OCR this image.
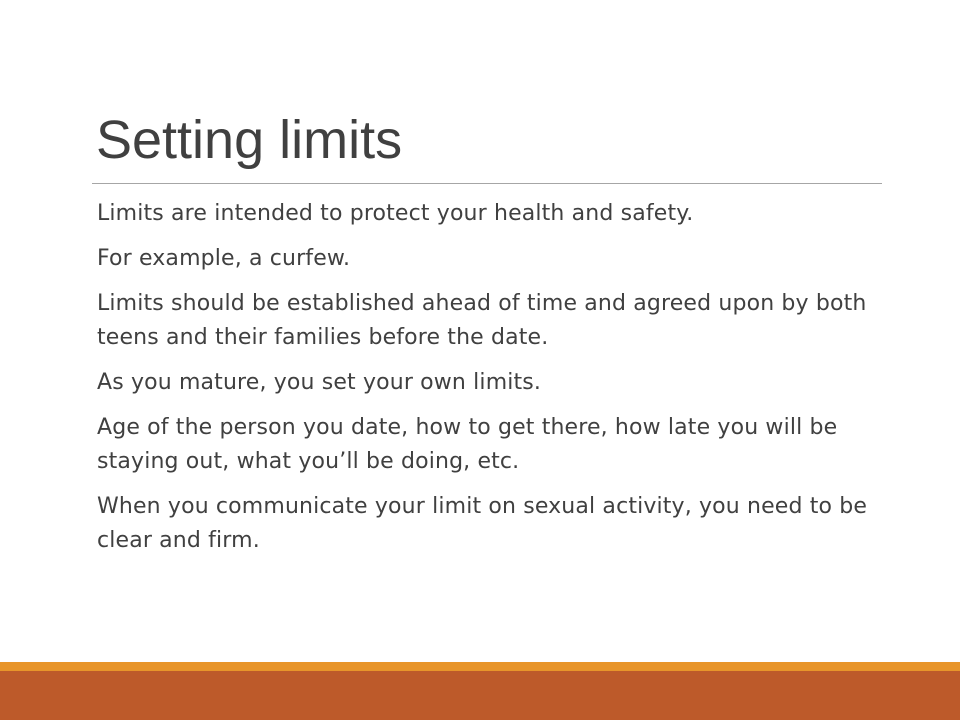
Setting limits
Limits are intended to protect your health and safety.
For example, a curfew.
Limits should be established ahead of time and agreed upon by both teens and their families before the date.
As you mature, you set your own limits.
Age of the person you date, how to get there, how late you will be staying out, what you’ll be doing, etc.
When you communicate your limit on sexual activity, you need to be clear and firm.
